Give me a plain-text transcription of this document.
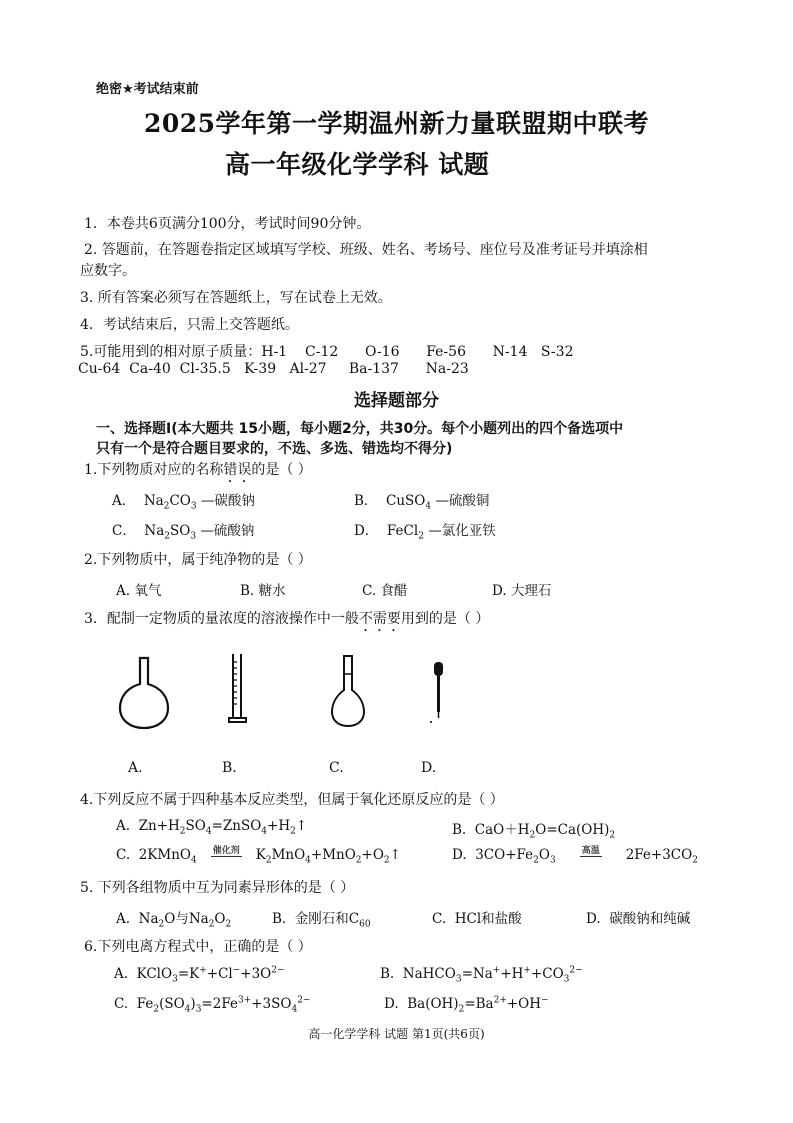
绝密★考试结束前
2025学年第一学期温州新力量联盟期中联考
高一年级化学学科 试题
1．本卷共6页满分100分，考试时间90分钟。
2. 答题前，在答题卷指定区域填写学校、班级、姓名、考场号、座位号及准考证号并填涂相
应数字。
3. 所有答案必须写在答题纸上，写在试卷上无效。
4．考试结束后，只需上交答题纸。
5.可能用到的相对原子质量：H-1    C-12      O-16      Fe-56      N-14   S-32
Cu-64  Ca-40  Cl-35.5   K-39   Al-27     Ba-137      Na-23
选择题部分
一、选择题Ⅰ(本大题共 15小题，每小题2分，共30分。每个小题列出的四个备选项中
只有一个是符合题目要求的，不选、多选、错选均不得分)
1.下列物质对应的名称错误的是（ ）
A．  $Na_2CO_3$ —碳酸钠	B．  CuSO$_4$ —硫酸铜
C．  $Na_2SO_3$ —硫酸钠	D．  FeCl$_2$ —氯化亚铁
2.下列物质中，属于纯净物的是（ ）
A. 氧气	B. 糖水	C. 食醋	D. 大理石
3．配制一定物质的量浓度的溶液操作中一般不需要用到的是（ ）
A.	B.	C.	D.
4.下列反应不属于四种基本反应类型，但属于氧化还原反应的是（ ）
A.  $Zn+H_2SO_4=ZnSO_4+H_2↑$	B.  $CaO+H_2O=Ca(OH)_2$
C.  2KMnO$_4$催化剂 $K_2MnO_4+MnO_2+O_2↑$	D.  $3CO+Fe_2O_3$高温 $2Fe+3CO_2$
5. 下列各组物质中互为同素异形体的是（ ）
A.  $Na_2O$与$Na_2O_2$	B. 金刚石和$C_{60}$	C.  HCl和盐酸	D.  碳酸钠和纯碱
6.下列电离方程式中，正确的是（ ）
A.  $KClO_3=K^++Cl^-+3O^{2-}$	B.  $NaHCO_3=Na^++H^++CO_3^{2-}$
C.  $Fe_2(SO_4)_3=2Fe^{3+}+3SO_4^{2-}$	D.  $Ba(OH)_2=Ba^{2+}+OH^-$
高一化学学科 试题 第1页(共6页)
